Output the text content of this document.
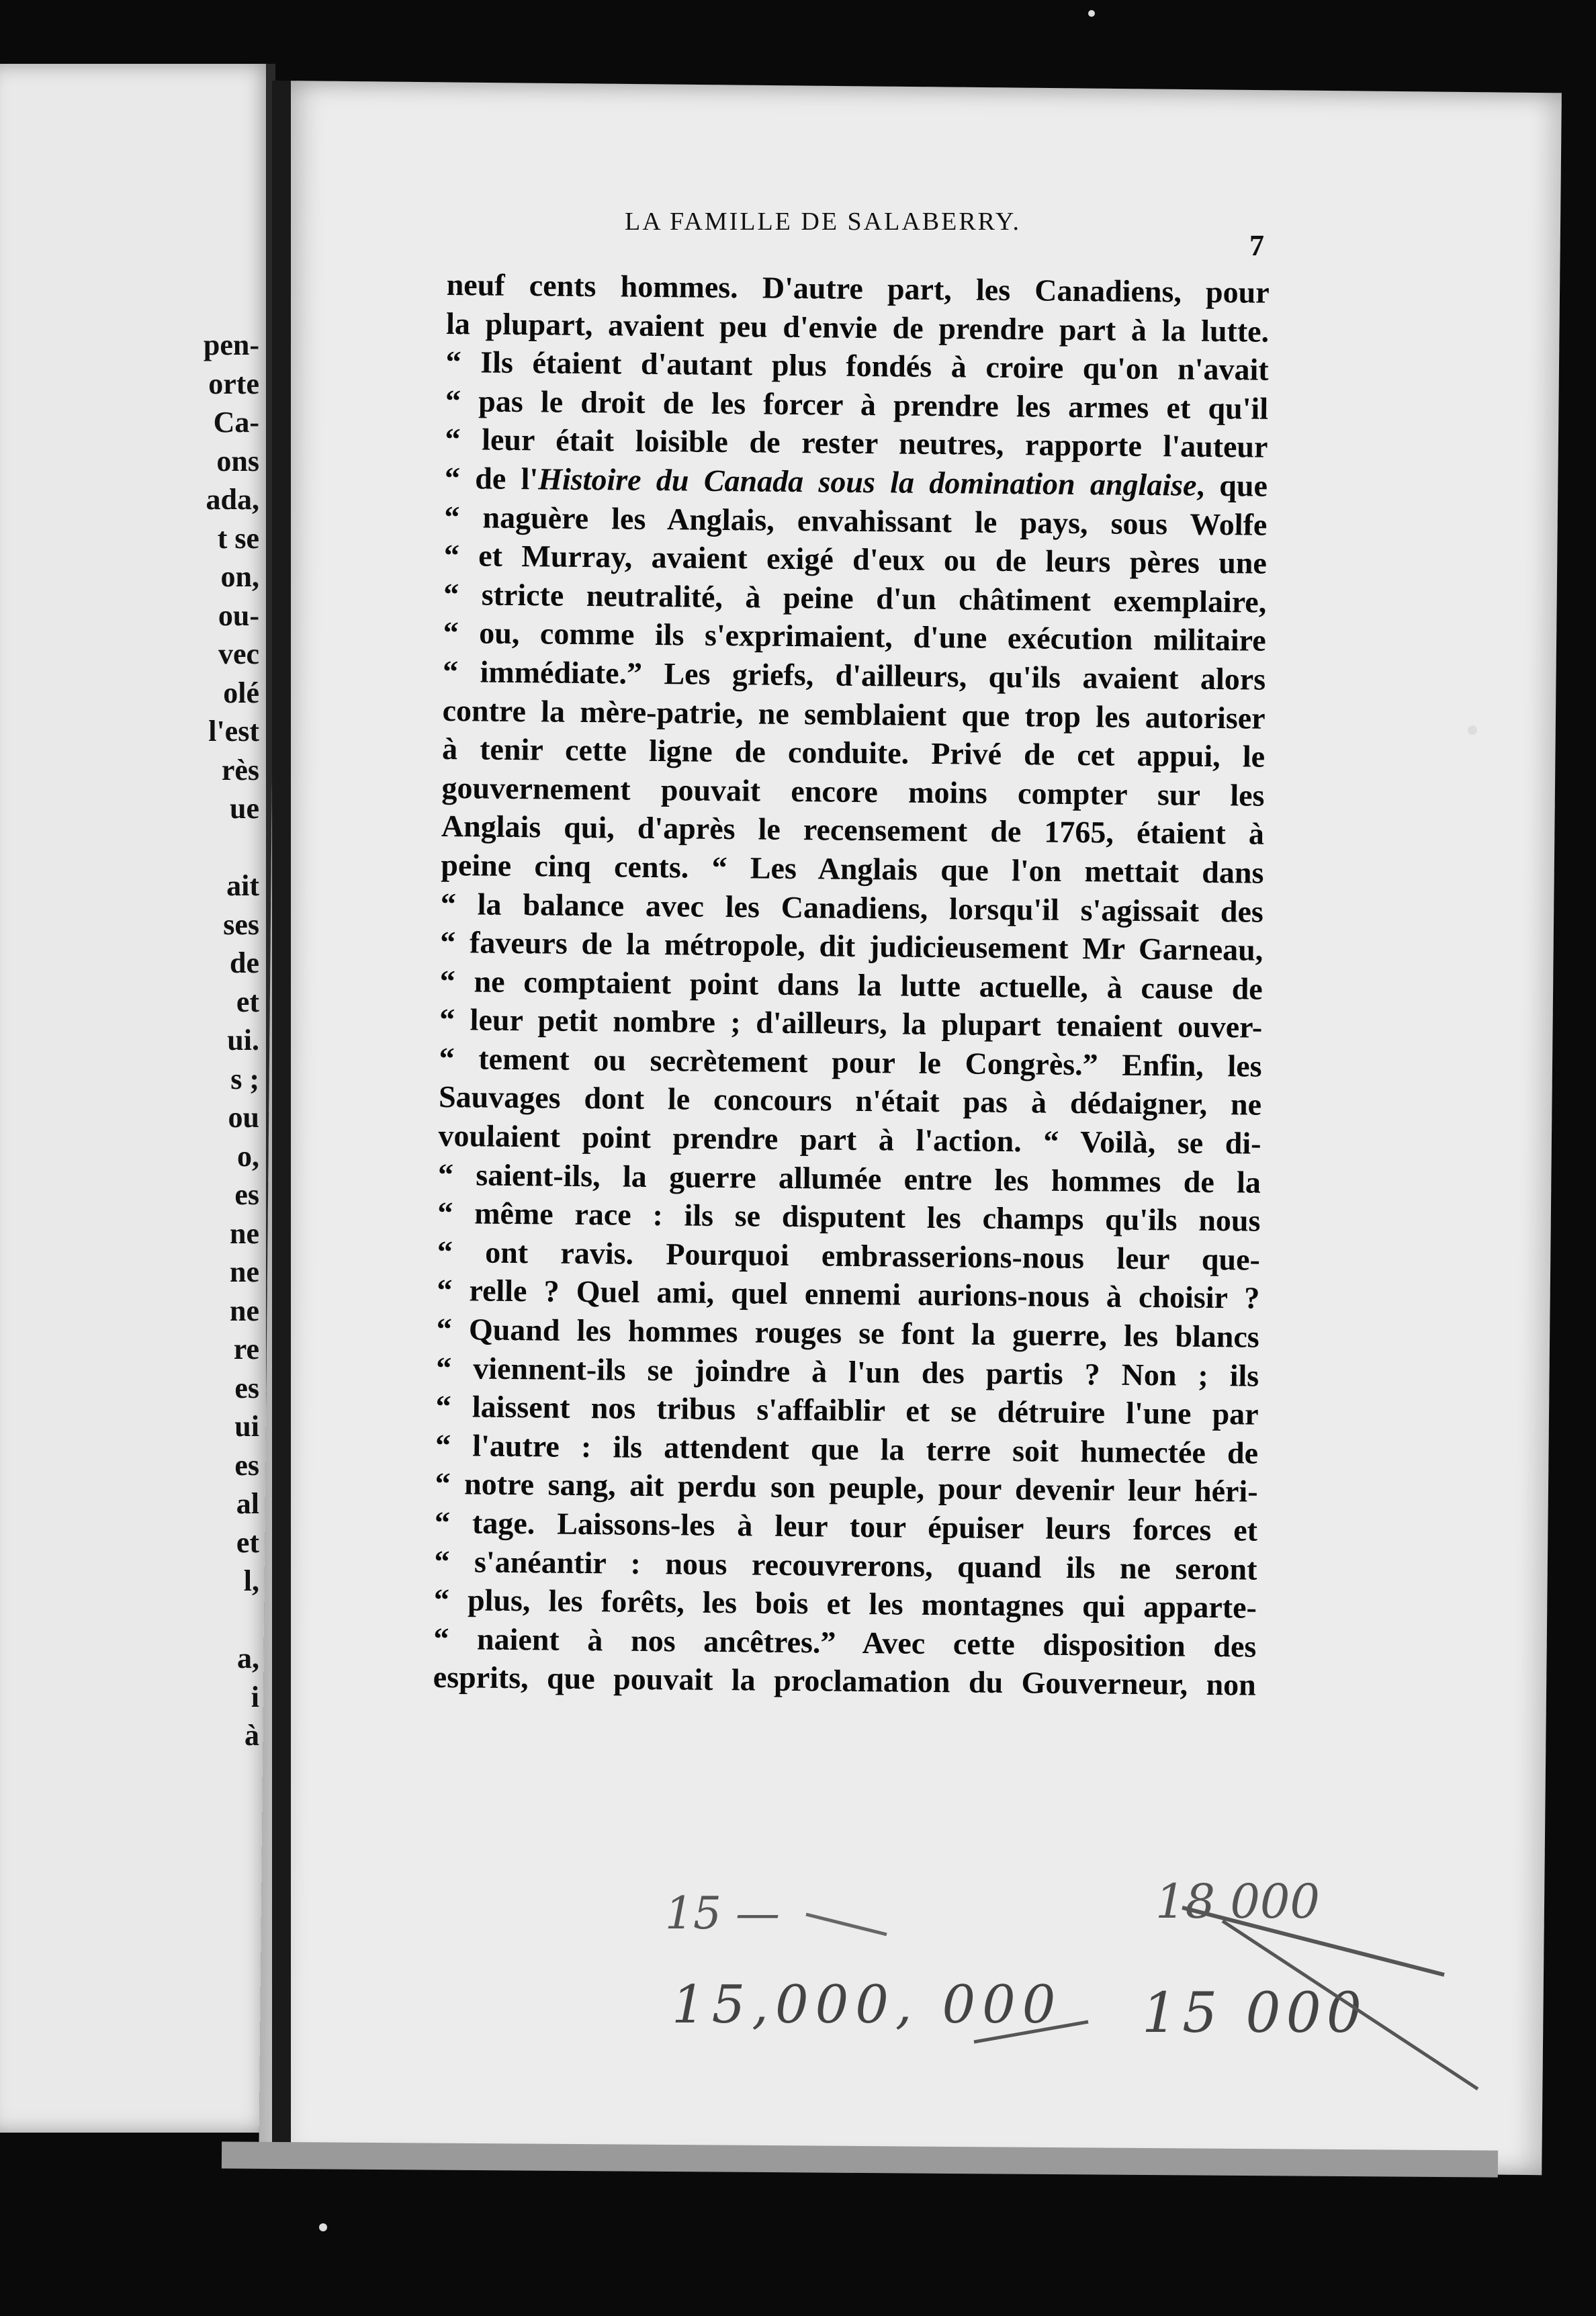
pen-
orte
Ca-
ons
ada,
t se
on,
ou-
vec
olé
l'est
rès
ue
ait
ses
de
et
ui.
s ;
ou
o,
es
ne
ne
ne
re
es
ui
es
al
et
l,
a,
i
à
LA FAMILLE DE SALABERRY.
7
neuf cents hommes. D'autre part, les Canadiens, pour
la plupart, avaient peu d'envie de prendre part à la lutte.
“ Ils étaient d'autant plus fondés à croire qu'on n'avait
“ pas le droit de les forcer à prendre les armes et qu'il
“ leur était loisible de rester neutres, rapporte l'auteur
“ de l'Histoire du Canada sous la domination anglaise, que
“ naguère les Anglais, envahissant le pays, sous Wolfe
“ et Murray, avaient exigé d'eux ou de leurs pères une
“ stricte neutralité, à peine d'un châtiment exemplaire,
“ ou, comme ils s'exprimaient, d'une exécution militaire
“ immédiate.” Les griefs, d'ailleurs, qu'ils avaient alors
contre la mère-patrie, ne semblaient que trop les autoriser
à tenir cette ligne de conduite. Privé de cet appui, le
gouvernement pouvait encore moins compter sur les
Anglais qui, d'après le recensement de 1765, étaient à
peine cinq cents. “ Les Anglais que l'on mettait dans
“ la balance avec les Canadiens, lorsqu'il s'agissait des
“ faveurs de la métropole, dit judicieusement Mr Garneau,
“ ne comptaient point dans la lutte actuelle, à cause de
“ leur petit nombre ; d'ailleurs, la plupart tenaient ouver-
“ tement ou secrètement pour le Congrès.” Enfin, les
Sauvages dont le concours n'était pas à dédaigner, ne
voulaient point prendre part à l'action. “ Voilà, se di-
“ saient-ils, la guerre allumée entre les hommes de la
“ même race : ils se disputent les champs qu'ils nous
“ ont ravis. Pourquoi embrasserions-nous leur que-
“ relle ? Quel ami, quel ennemi aurions-nous à choisir ?
“ Quand les hommes rouges se font la guerre, les blancs
“ viennent-ils se joindre à l'un des partis ? Non ; ils
“ laissent nos tribus s'affaiblir et se détruire l'une par
“ l'autre : ils attendent que la terre soit humectée de
“ notre sang, ait perdu son peuple, pour devenir leur héri-
“ tage. Laissons-les à leur tour épuiser leurs forces et
“ s'anéantir : nous recouvrerons, quand ils ne seront
“ plus, les forêts, les bois et les montagnes qui apparte-
“ naient à nos ancêtres.” Avec cette disposition des
esprits, que pouvait la proclamation du Gouverneur, non
15 —
15,000, 000
18 000
15 000
